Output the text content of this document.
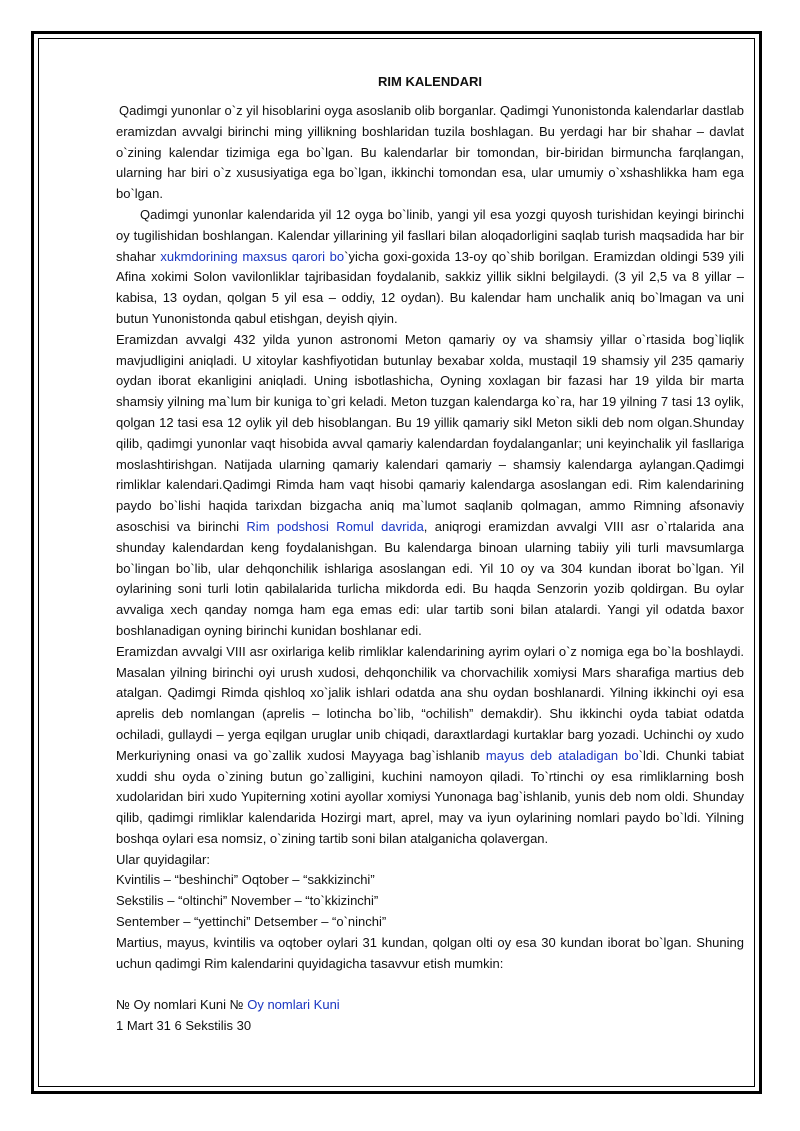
RIM KALENDARI

Qadimgi yunonlar o`z yil hisoblarini oyga asoslanib olib borganlar. Qadimgi Yunonistonda kalendarlar dastlab eramizdan avvalgi birinchi ming yillikning boshlaridan tuzila boshlagan. Bu yerdagi har bir shahar – davlat o`zining kalendar tizimiga ega bo`lgan. Bu kalendarlar bir tomondan, bir-biridan birmuncha farqlangan, ularning har biri o`z xususiyatiga ega bo`lgan, ikkinchi tomondan esa, ular umumiy o`xshashlikka ham ega bo`lgan.

Qadimgi yunonlar kalendarida yil 12 oyga bo`linib, yangi yil esa yozgi quyosh turishidan keyingi birinchi oy tugilishidan boshlangan. Kalendar yillarining yil fasllari bilan aloqadorligini saqlab turish maqsadida har bir shahar xukmdorining maxsus qarori bo`yicha goxi-goxida 13-oy qo`shib borilgan. Eramizdan oldingi 539 yili Afina xokimi Solon vavilonliklar tajribasidan foydalanib, sakkiz yillik siklni belgilaydi. (3 yil 2,5 va 8 yillar – kabisa, 13 oydan, qolgan 5 yil esa – oddiy, 12 oydan). Bu kalendar ham unchalik aniq bo`lmagan va uni butun Yunonistonda qabul etishgan, deyish qiyin.

Eramizdan avvalgi 432 yilda yunon astronomi Meton qamariy oy va shamsiy yillar o`rtasida bog`liqlik mavjudligini aniqladi. U xitoylar kashfiyotidan butunlay bexabar xolda, mustaqil 19 shamsiy yil 235 qamariy oydan iborat ekanligini aniqladi. Uning isbotlashicha, Oyning xoxlagan bir fazasi har 19 yilda bir marta shamsiy yilning ma`lum bir kuniga to`gri keladi. Meton tuzgan kalendarga ko`ra, har 19 yilning 7 tasi 13 oylik, qolgan 12 tasi esa 12 oylik yil deb hisoblangan. Bu 19 yillik qamariy sikl Meton sikli deb nom olgan.Shunday qilib, qadimgi yunonlar vaqt hisobida avval qamariy kalendardan foydalanganlar; uni keyinchalik yil fasllariga moslashtirishgan. Natijada ularning qamariy kalendari qamariy – shamsiy kalendarga aylangan.Qadimgi rimliklar kalendari.Qadimgi Rimda ham vaqt hisobi qamariy kalendarga asoslangan edi. Rim kalendarining paydo bo`lishi haqida tarixdan bizgacha aniq ma`lumot saqlanib qolmagan, ammo Rimning afsonaviy asoschisi va birinchi Rim podshosi Romul davrida, aniqrogi eramizdan avvalgi VIII asr o`rtalarida ana shunday kalendardan keng foydalanishgan. Bu kalendarga binoan ularning tabiiy yili turli mavsumlarga bo`lingan bo`lib, ular dehqonchilik ishlariga asoslangan edi. Yil 10 oy va 304 kundan iborat bo`lgan. Yil oylarining soni turli lotin qabilalarida turlicha mikdorda edi. Bu haqda Senzorin yozib qoldirgan. Bu oylar avvaliga xech qanday nomga ham ega emas edi: ular tartib soni bilan atalardi. Yangi yil odatda baxor boshlanadigan oyning birinchi kunidan boshlanar edi.

Eramizdan avvalgi VIII asr oxirlariga kelib rimliklar kalendarining ayrim oylari o`z nomiga ega bo`la boshlaydi. Masalan yilning birinchi oyi urush xudosi, dehqonchilik va chorvachilik xomiysi Mars sharafiga martius deb atalgan. Qadimgi Rimda qishloq xo`jalik ishlari odatda ana shu oydan boshlanardi. Yilning ikkinchi oyi esa aprelis deb nomlangan (aprelis – lotincha bo`lib, “ochilish” demakdir). Shu ikkinchi oyda tabiat odatda ochiladi, gullaydi – yerga eqilgan uruglar unib chiqadi, daraxtlardagi kurtaklar barg yozadi. Uchinchi oy xudo Merkuriyning onasi va go`zallik xudosi Mayyaga bag`ishlanib mayus deb ataladigan bo`ldi. Chunki tabiat xuddi shu oyda o`zining butun go`zalligini, kuchini namoyon qiladi. To`rtinchi oy esa rimliklarning bosh xudolaridan biri xudo Yupiterning xotini ayollar xomiysi Yunonaga bag`ishlanib, yunis deb nom oldi. Shunday qilib, qadimgi rimliklar kalendarida Hozirgi mart, aprel, may va iyun oylarining nomlari paydo bo`ldi. Yilning boshqa oylari esa nomsiz, o`zining tartib soni bilan atalganicha qolavergan.

Ular quyidagilar:

Kvintilis – “beshinchi” Oqtober – “sakkizinchi”

Sekstilis – “oltinchi” November – “to`kkizinchi”

Sentember – “yettinchi” Detsember – “o`ninchi”

Martius, mayus, kvintilis va oqtober oylari 31 kundan, qolgan olti oy esa 30 kundan iborat bo`lgan. Shuning uchun qadimgi Rim kalendarini quyidagicha tasavvur etish mumkin:

№ Oy nomlari Kuni № Oy nomlari Kuni

1 Mart 31 6 Sekstilis 30
